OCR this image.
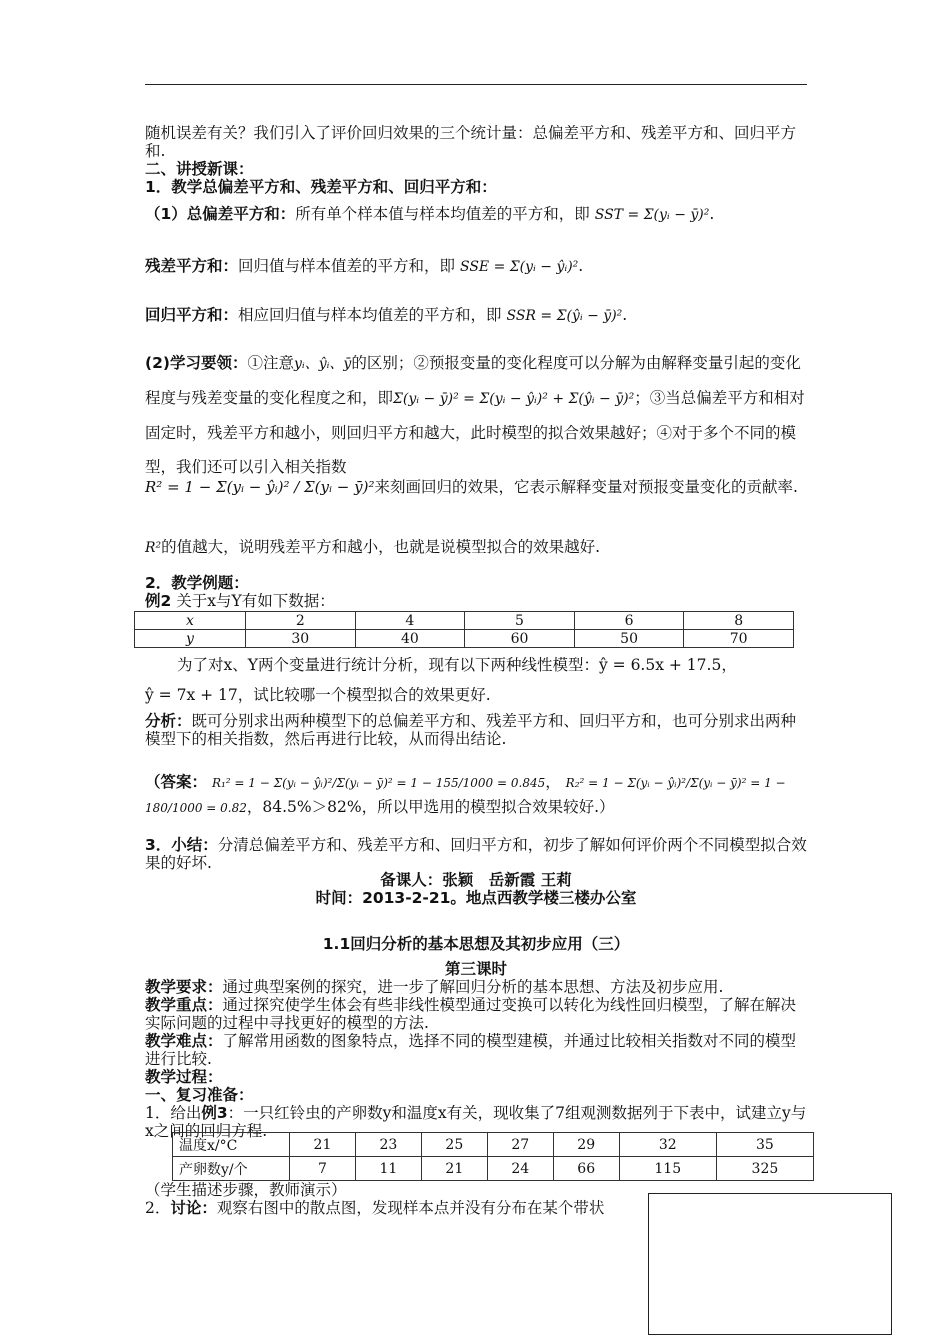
随机误差有关？我们引入了评价回归效果的三个统计量：总偏差平方和、残差平方和、回归平方和.
二、讲授新课：
1．教学总偏差平方和、残差平方和、回归平方和：
（1）总偏差平方和：所有单个样本值与样本均值差的平方和，即 SST = Σ(yᵢ − ȳ)².
残差平方和：回归值与样本值差的平方和，即 SSE = Σ(yᵢ − ŷᵢ)².
回归平方和：相应回归值与样本均值差的平方和，即 SSR = Σ(ŷᵢ − ȳ)².
(2)学习要领：①注意yᵢ、ŷᵢ、ȳ的区别；②预报变量的变化程度可以分解为由解释变量引起的变化程度与残差变量的变化程度之和，即Σ(yᵢ − ȳ)² = Σ(yᵢ − ŷᵢ)² + Σ(ŷᵢ − ȳ)²；③当总偏差平方和相对固定时，残差平方和越小，则回归平方和越大，此时模型的拟合效果越好；④对于多个不同的模型，我们还可以引入相关指数
R² = 1 − Σ(yᵢ − ŷᵢ)² / Σ(yᵢ − ȳ)²来刻画回归的效果，它表示解释变量对预报变量变化的贡献率.
R²的值越大，说明残差平方和越小，也就是说模型拟合的效果越好.
2．教学例题：
例2 关于x与Y有如下数据：
x	2	4	5	6	8
y	30	40	60	50	70
为了对x、Y两个变量进行统计分析，现有以下两种线性模型：ŷ = 6.5x + 17.5，
ŷ = 7x + 17，试比较哪一个模型拟合的效果更好.
分析：既可分别求出两种模型下的总偏差平方和、残差平方和、回归平方和，也可分别求出两种模型下的相关指数，然后再进行比较，从而得出结论.
（答案： R₁² = 1 − Σ(yᵢ − ŷᵢ)²/Σ(yᵢ − ȳ)² = 1 − 155/1000 = 0.845， R₂² = 1 − Σ(yᵢ − ŷᵢ)²/Σ(yᵢ − ȳ)² = 1 − 180/1000 = 0.82，84.5%＞82%，所以甲选用的模型拟合效果较好.）
3．小结：分清总偏差平方和、残差平方和、回归平方和，初步了解如何评价两个不同模型拟合效果的好坏.
备课人：张颖　岳新霞 王莉
时间：2013-2-21。地点西教学楼三楼办公室
1.1回归分析的基本思想及其初步应用（三）
第三课时
教学要求：通过典型案例的探究，进一步了解回归分析的基本思想、方法及初步应用.
教学重点：通过探究使学生体会有些非线性模型通过变换可以转化为线性回归模型，了解在解决实际问题的过程中寻找更好的模型的方法.
教学难点：了解常用函数的图象特点，选择不同的模型建模，并通过比较相关指数对不同的模型进行比较.
教学过程：
一、复习准备：
1．给出例3：一只红铃虫的产卵数y和温度x有关，现收集了7组观测数据列于下表中，试建立y与x之间的回归方程.
温度x/°C	21	23	25	27	29	32	35
产卵数y/个	7	11	21	24	66	115	325
（学生描述步骤，教师演示）
2．讨论：观察右图中的散点图，发现样本点并没有分布在某个带状
